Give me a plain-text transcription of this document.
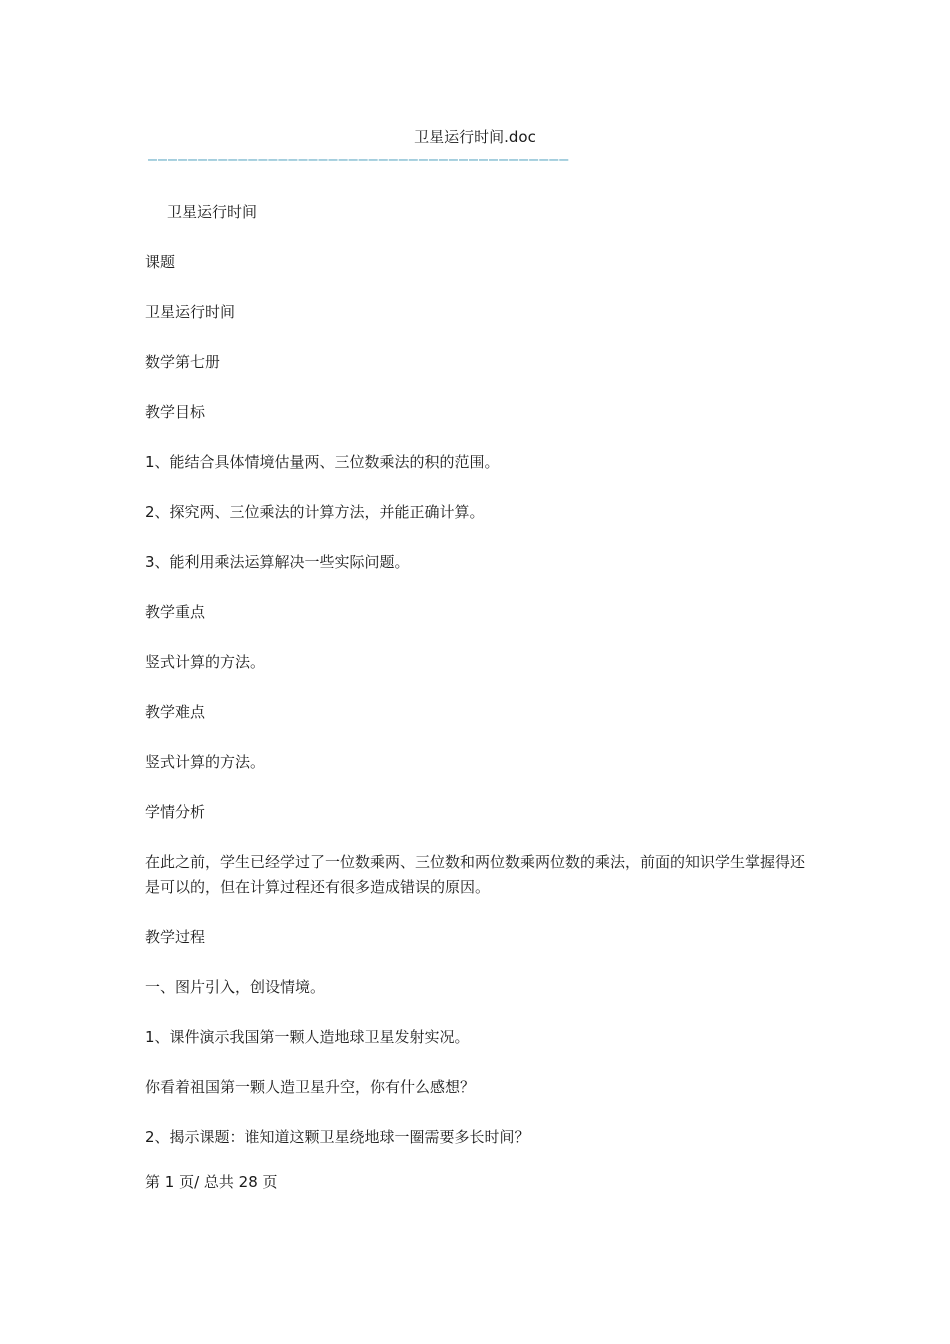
卫星运行时间.doc
——————————————————————————————————————————

卫星运行时间

课题

卫星运行时间

数学第七册

教学目标

1、能结合具体情境估量两、三位数乘法的积的范围。

2、探究两、三位乘法的计算方法，并能正确计算。

3、能利用乘法运算解决一些实际问题。

教学重点

竖式计算的方法。

教学难点

竖式计算的方法。

学情分析

在此之前，学生已经学过了一位数乘两、三位数和两位数乘两位数的乘法，前面的知识学生掌握得还是可以的，但在计算过程还有很多造成错误的原因。

教学过程

一、图片引入，创设情境。

1、课件演示我国第一颗人造地球卫星发射实况。

你看着祖国第一颗人造卫星升空，你有什么感想？

2、揭示课题：谁知道这颗卫星绕地球一圈需要多长时间？

第 1 页/ 总共 28 页
